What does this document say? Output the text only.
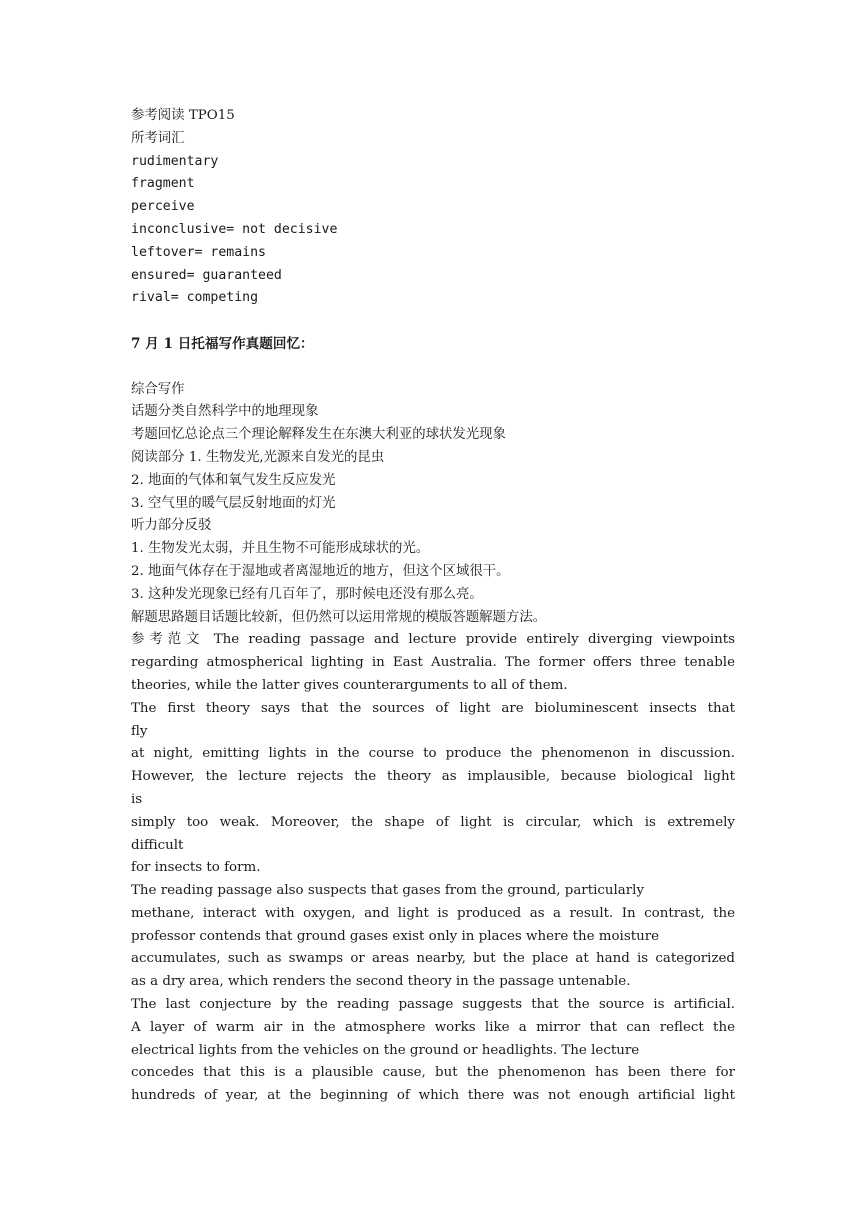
参考阅读 TPO15
所考词汇
rudimentary
fragment
perceive
inconclusive= not decisive
leftover= remains
ensured= guaranteed
rival= competing
7 月 1 日托福写作真题回忆：
综合写作
话题分类自然科学中的地理现象
考题回忆总论点三个理论解释发生在东澳大利亚的球状发光现象
阅读部分 1. 生物发光,光源来自发光的昆虫
2. 地面的气体和氧气发生反应发光
3. 空气里的暖气层反射地面的灯光
听力部分反驳
1. 生物发光太弱，并且生物不可能形成球状的光。
2. 地面气体存在于湿地或者离湿地近的地方，但这个区域很干。
3. 这种发光现象已经有几百年了，那时候电还没有那么亮。
解题思路题目话题比较新，但仍然可以运用常规的模版答题解题方法。
参考范文 The reading passage and lecture provide entirely diverging viewpoints
regarding atmospherical lighting in East Australia. The former offers three tenable
theories, while the latter gives counterarguments to all of them.
The first theory says that the sources of light are bioluminescent insects that
fly
at night, emitting lights in the course to produce the phenomenon in discussion.
However, the lecture rejects the theory as implausible, because biological light
is
simply too weak. Moreover, the shape of light is circular, which is extremely
difficult
for insects to form.
The reading passage also suspects that gases from the ground, particularly
methane, interact with oxygen, and light is produced as a result. In contrast, the
professor contends that ground gases exist only in places where the moisture
accumulates, such as swamps or areas nearby, but the place at hand is categorized
as a dry area, which renders the second theory in the passage untenable.
The last conjecture by the reading passage suggests that the source is artificial.
A layer of warm air in the atmosphere works like a mirror that can reflect the
electrical lights from the vehicles on the ground or headlights. The lecture
concedes that this is a plausible cause, but the phenomenon has been there for
hundreds of year, at the beginning of which there was not enough artificial light
